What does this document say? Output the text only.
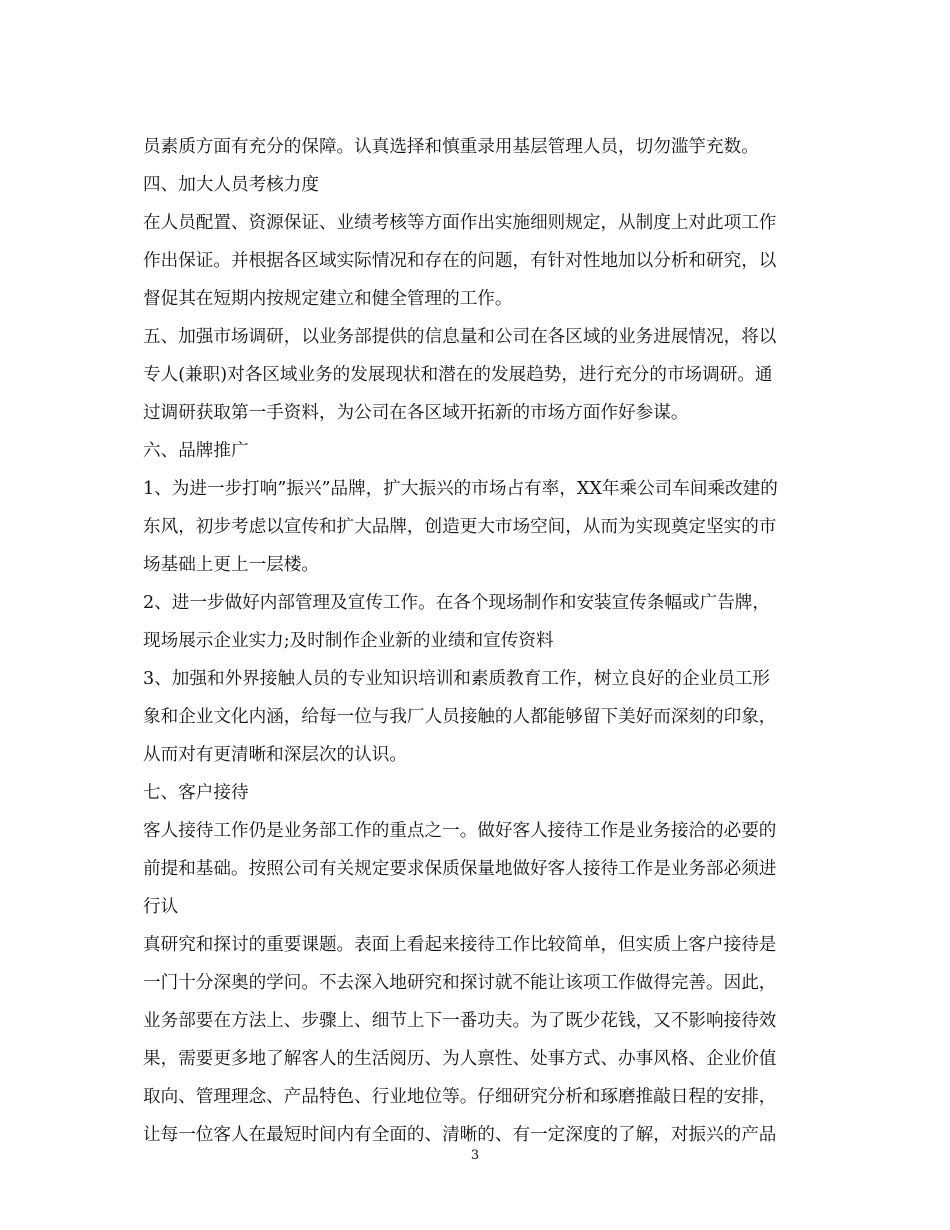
员素质方面有充分的保障。认真选择和慎重录用基层管理人员，切勿滥竽充数。
四、加大人员考核力度
在人员配置、资源保证、业绩考核等方面作出实施细则规定，从制度上对此项工作
作出保证。并根据各区域实际情况和存在的问题，有针对性地加以分析和研究，以
督促其在短期内按规定建立和健全管理的工作。
五、加强市场调研，以业务部提供的信息量和公司在各区域的业务进展情况，将以
专人(兼职)对各区域业务的发展现状和潜在的发展趋势，进行充分的市场调研。通
过调研获取第一手资料，为公司在各区域开拓新的市场方面作好参谋。
六、品牌推广
1、为进一步打响”振兴”品牌，扩大振兴的市场占有率，XX年乘公司车间乘改建的
东风，初步考虑以宣传和扩大品牌，创造更大市场空间，从而为实现奠定坚实的市
场基础上更上一层楼。
2、进一步做好内部管理及宣传工作。在各个现场制作和安装宣传条幅或广告牌，
现场展示企业实力;及时制作企业新的业绩和宣传资料
3、加强和外界接触人员的专业知识培训和素质教育工作，树立良好的企业员工形
象和企业文化内涵，给每一位与我厂人员接触的人都能够留下美好而深刻的印象，
从而对有更清晰和深层次的认识。
七、客户接待
客人接待工作仍是业务部工作的重点之一。做好客人接待工作是业务接洽的必要的
前提和基础。按照公司有关规定要求保质保量地做好客人接待工作是业务部必须进
行认
真研究和探讨的重要课题。表面上看起来接待工作比较简单，但实质上客户接待是
一门十分深奥的学问。不去深入地研究和探讨就不能让该项工作做得完善。因此，
业务部要在方法上、步骤上、细节上下一番功夫。为了既少花钱，又不影响接待效
果，需要更多地了解客人的生活阅历、为人禀性、处事方式、办事风格、企业价值
取向、管理理念、产品特色、行业地位等。仔细研究分析和琢磨推敲日程的安排，
让每一位客人在最短时间内有全面的、清晰的、有一定深度的了解，对振兴的产品
3
